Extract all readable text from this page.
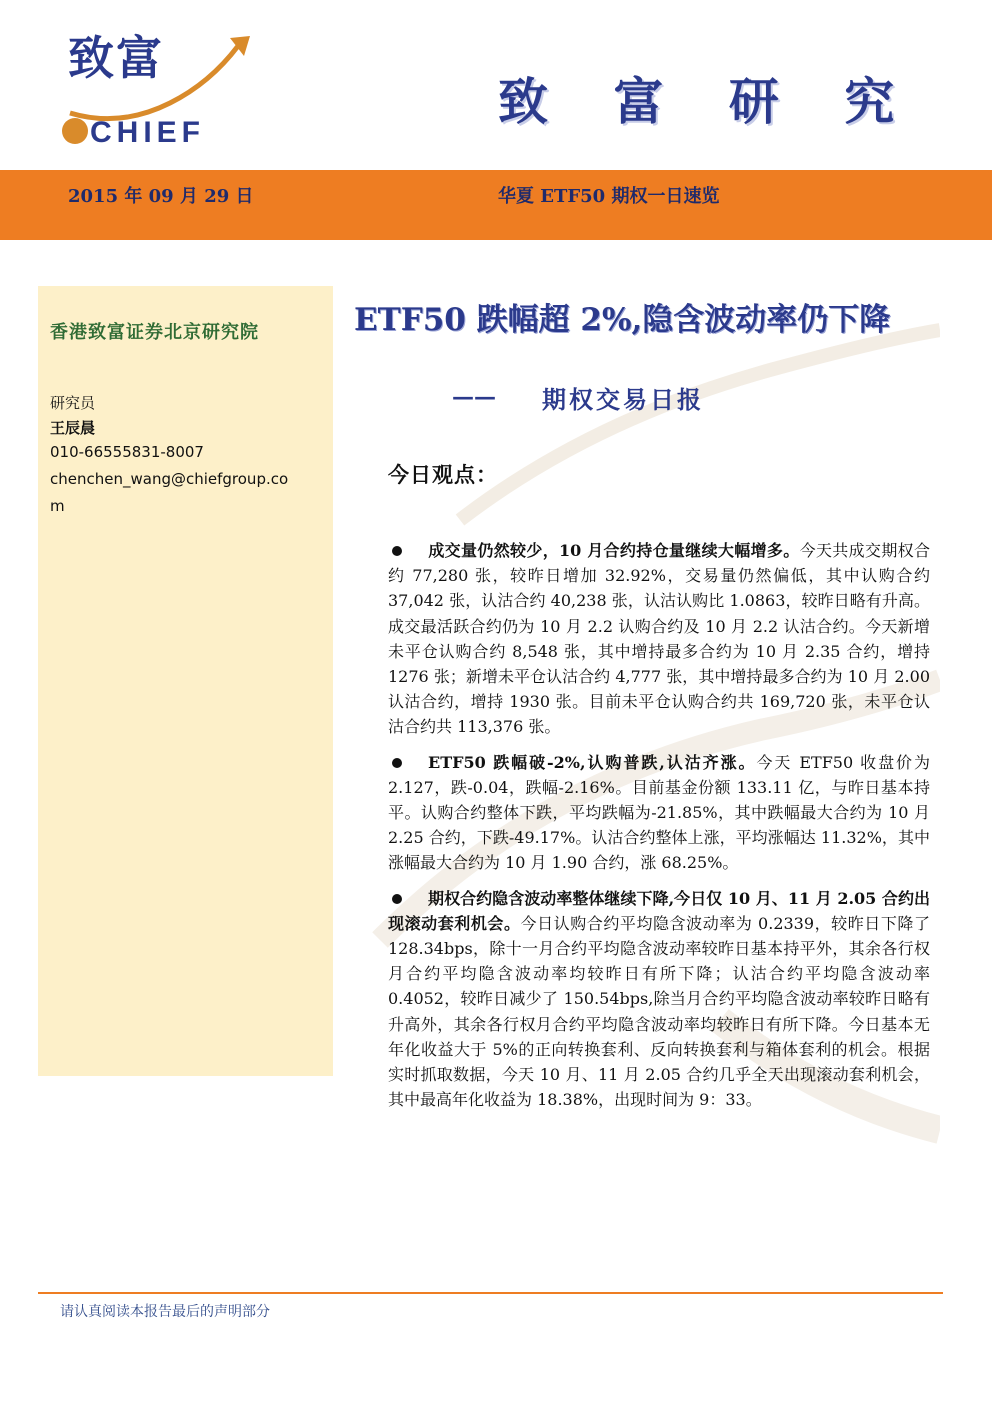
致富
CHIEF
致 富 研 究
2015 年 09 月 29 日	华夏 ETF50 期权一日速览
香港致富证券北京研究院
研究员
王辰晨
010-66555831-8007
chenchen_wang@chiefgroup.co
m
ETF50 跌幅超 2%,隐含波动率仍下降
—— 期权交易日报
今日观点：
成交量仍然较少，10 月合约持仓量继续大幅增多。今天共成交期权合约 77,280 张，较昨日增加 32.92%，交易量仍然偏低，其中认购合约 37,042 张，认沽合约 40,238 张，认沽认购比 1.0863，较昨日略有升高。成交最活跃合约仍为 10 月 2.2 认购合约及 10 月 2.2 认沽合约。今天新增未平仓认购合约 8,548 张，其中增持最多合约为 10 月 2.35 合约，增持 1276 张；新增未平仓认沽合约 4,777 张，其中增持最多合约为 10 月 2.00 认沽合约，增持 1930 张。目前未平仓认购合约共 169,720 张，未平仓认沽合约共 113,376 张。
ETF50 跌幅破-2%,认购普跌,认沽齐涨。今天 ETF50 收盘价为 2.127，跌-0.04，跌幅-2.16%。目前基金份额 133.11 亿，与昨日基本持平。认购合约整体下跌，平均跌幅为-21.85%，其中跌幅最大合约为 10 月 2.25 合约，下跌-49.17%。认沽合约整体上涨，平均涨幅达 11.32%，其中涨幅最大合约为 10 月 1.90 合约，涨 68.25%。
期权合约隐含波动率整体继续下降,今日仅 10 月、11 月 2.05 合约出现滚动套利机会。今日认购合约平均隐含波动率为 0.2339，较昨日下降了 128.34bps，除十一月合约平均隐含波动率较昨日基本持平外，其余各行权月合约平均隐含波动率均较昨日有所下降；认沽合约平均隐含波动率 0.4052，较昨日减少了 150.54bps,除当月合约平均隐含波动率较昨日略有升高外，其余各行权月合约平均隐含波动率均较昨日有所下降。今日基本无年化收益大于 5%的正向转换套利、反向转换套利与箱体套利的机会。根据实时抓取数据，今天 10 月、11 月 2.05 合约几乎全天出现滚动套利机会，其中最高年化收益为 18.38%，出现时间为 9：33。
请认真阅读本报告最后的声明部分
